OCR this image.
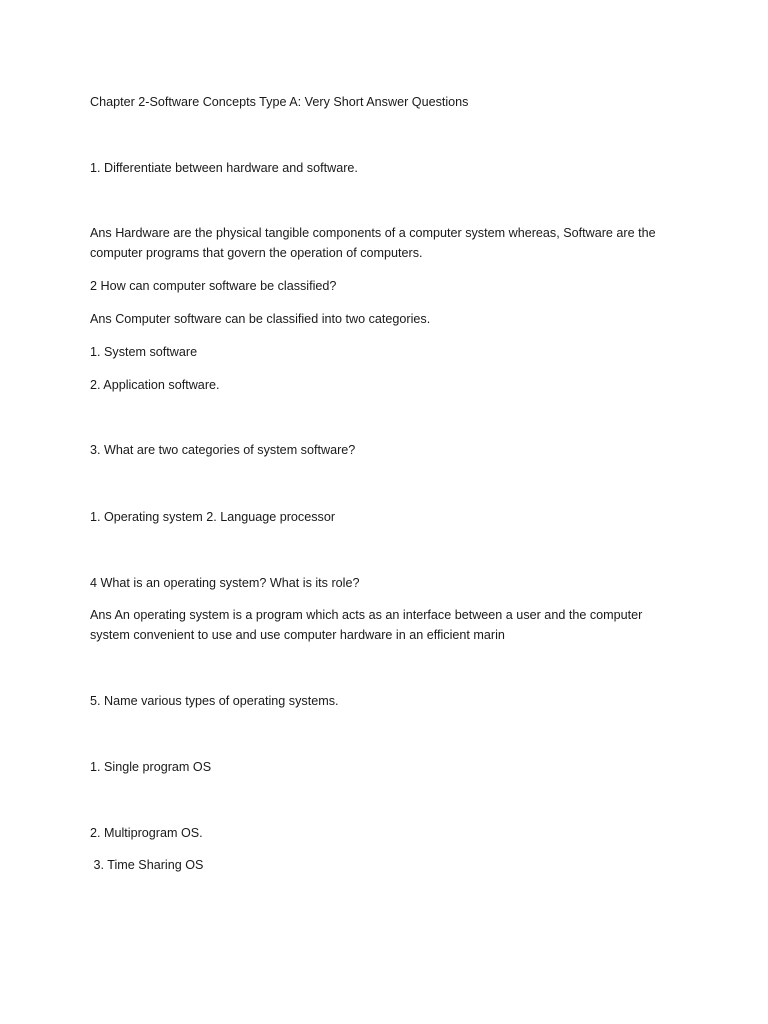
Chapter 2-Software Concepts Type A: Very Short Answer Questions
1. Differentiate between hardware and software.
Ans Hardware are the physical tangible components of a computer system whereas, Software are the computer programs that govern the operation of computers.
2 How can computer software be classified?
Ans Computer software can be classified into two categories.
1. System software
2. Application software.
3. What are two categories of system software?
1. Operating system 2. Language processor
4 What is an operating system? What is its role?
Ans An operating system is a program which acts as an interface between a user and the computer system convenient to use and use computer hardware in an efficient marin
5. Name various types of operating systems.
1. Single program OS
2. Multiprogram OS.
3. Time Sharing OS
